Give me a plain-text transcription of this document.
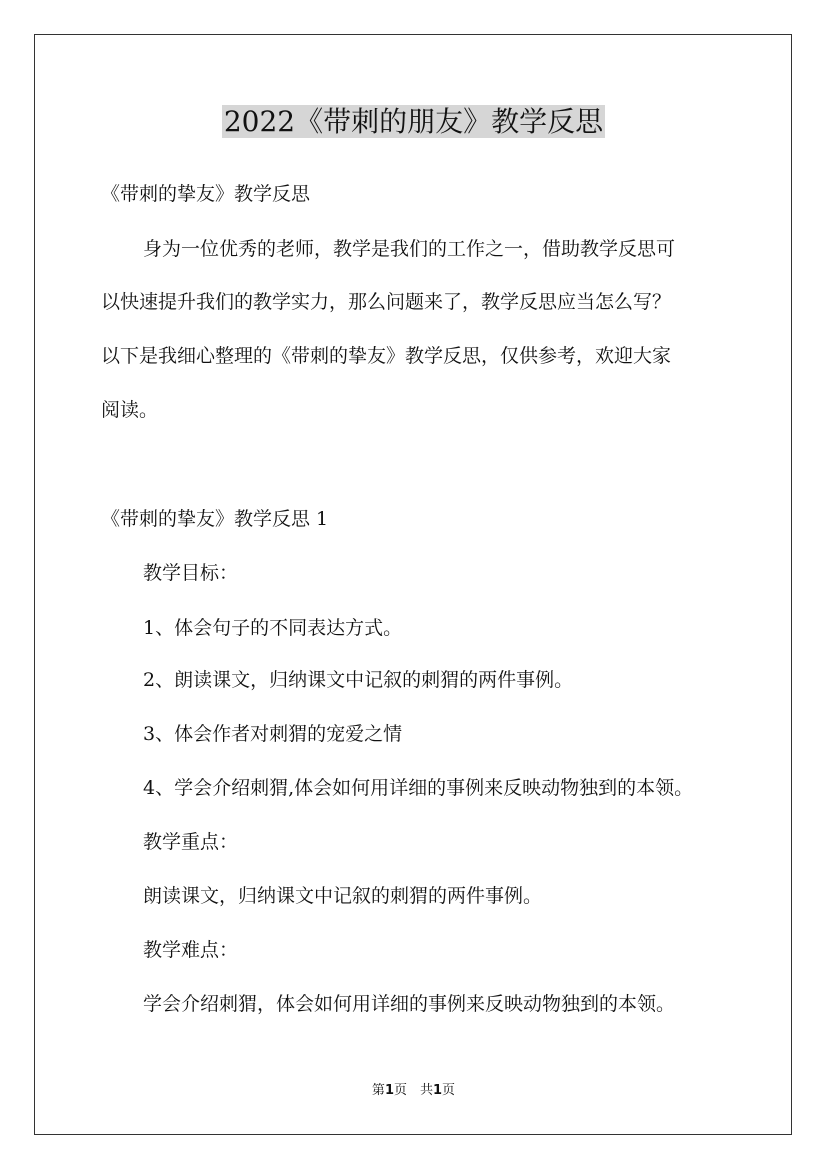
2022《带刺的朋友》教学反思
《带刺的挚友》教学反思
身为一位优秀的老师，教学是我们的工作之一，借助教学反思可
以快速提升我们的教学实力，那么问题来了，教学反思应当怎么写？
以下是我细心整理的《带刺的挚友》教学反思，仅供参考，欢迎大家
阅读。
《带刺的挚友》教学反思 1
教学目标：
1、体会句子的不同表达方式。
2、朗读课文，归纳课文中记叙的刺猬的两件事例。
3、体会作者对刺猬的宠爱之情
4、学会介绍刺猬,体会如何用详细的事例来反映动物独到的本领。
教学重点：
朗读课文，归纳课文中记叙的刺猬的两件事例。
教学难点：
学会介绍刺猬，体会如何用详细的事例来反映动物独到的本领。
第1页　共1页
